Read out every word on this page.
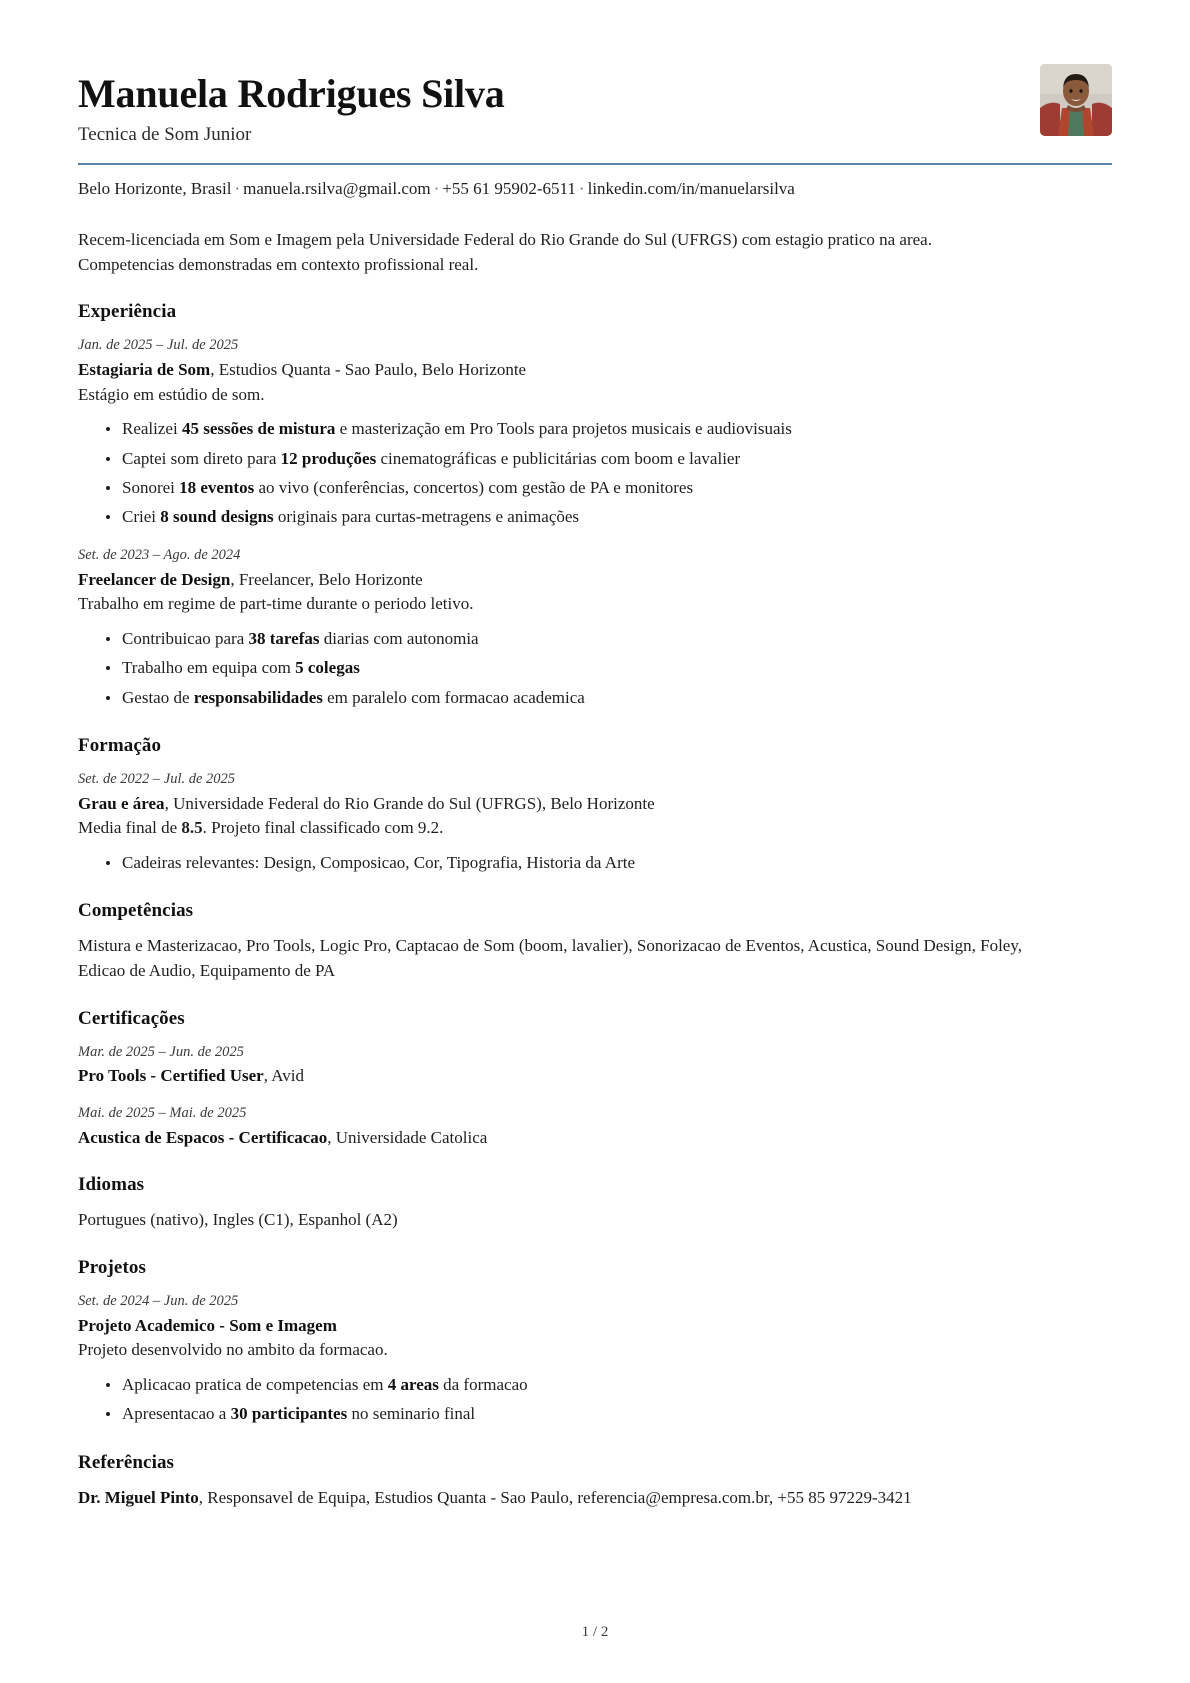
Manuela Rodrigues Silva
Tecnica de Som Junior
Belo Horizonte, Brasil · manuela.rsilva@gmail.com · +55 61 95902-6511 · linkedin.com/in/manuelarsilva
Recem-licenciada em Som e Imagem pela Universidade Federal do Rio Grande do Sul (UFRGS) com estagio pratico na area. Competencias demonstradas em contexto profissional real.
Experiência
Jan. de 2025 – Jul. de 2025
Estagiaria de Som, Estudios Quanta - Sao Paulo, Belo Horizonte
Estágio em estúdio de som.
Realizei 45 sessões de mistura e masterização em Pro Tools para projetos musicais e audiovisuais
Captei som direto para 12 produções cinematográficas e publicitárias com boom e lavalier
Sonorei 18 eventos ao vivo (conferências, concertos) com gestão de PA e monitores
Criei 8 sound designs originais para curtas-metragens e animações
Set. de 2023 – Ago. de 2024
Freelancer de Design, Freelancer, Belo Horizonte
Trabalho em regime de part-time durante o periodo letivo.
Contribuicao para 38 tarefas diarias com autonomia
Trabalho em equipa com 5 colegas
Gestao de responsabilidades em paralelo com formacao academica
Formação
Set. de 2022 – Jul. de 2025
Grau e área, Universidade Federal do Rio Grande do Sul (UFRGS), Belo Horizonte
Media final de 8.5. Projeto final classificado com 9.2.
Cadeiras relevantes: Design, Composicao, Cor, Tipografia, Historia da Arte
Competências
Mistura e Masterizacao, Pro Tools, Logic Pro, Captacao de Som (boom, lavalier), Sonorizacao de Eventos, Acustica, Sound Design, Foley, Edicao de Audio, Equipamento de PA
Certificações
Mar. de 2025 – Jun. de 2025
Pro Tools - Certified User, Avid
Mai. de 2025 – Mai. de 2025
Acustica de Espacos - Certificacao, Universidade Catolica
Idiomas
Portugues (nativo), Ingles (C1), Espanhol (A2)
Projetos
Set. de 2024 – Jun. de 2025
Projeto Academico - Som e Imagem
Projeto desenvolvido no ambito da formacao.
Aplicacao pratica de competencias em 4 areas da formacao
Apresentacao a 30 participantes no seminario final
Referências
Dr. Miguel Pinto, Responsavel de Equipa, Estudios Quanta - Sao Paulo, referencia@empresa.com.br, +55 85 97229-3421
1 / 2
